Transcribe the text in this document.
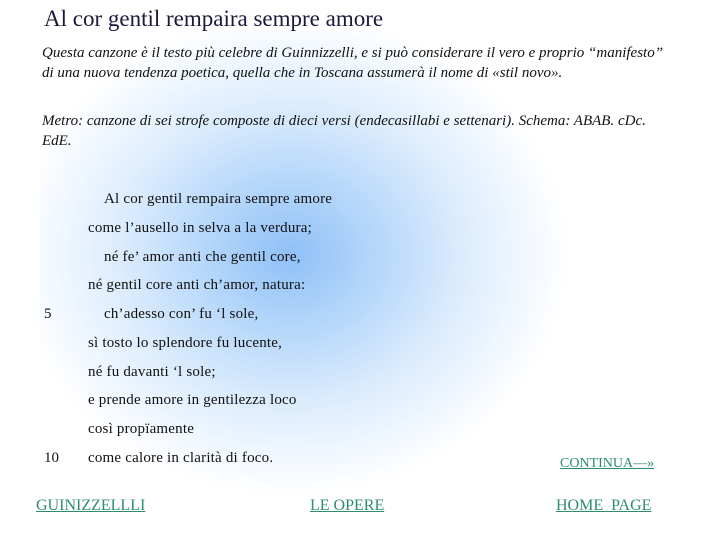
Al cor gentil rempaira sempre amore
Questa canzone è il testo più celebre di Guinnizzelli, e si può considerare il vero e proprio “manifesto” di una nuova tendenza poetica, quella che in Toscana assumerà il nome di «stil novo».
Metro: canzone di sei strofe composte di dieci versi (endecasillabi e settenari). Schema: ABAB. cDc. EdE.
Al cor gentil rempaira sempre amore
come l’ausello in selva a la verdura;
né fe’ amor anti che gentil core,
né gentil core anti ch’amor, natura:
5	ch’adesso con’ fu ‘l sole,
sì tosto lo splendore fu lucente,
né fu davanti ‘l sole;
e prende amore in gentilezza loco
così propïamente
10 come calore in clarità di foco.	CONTINUA—»
GUINIZZELLLI	LE OPERE	HOME  PAGE
